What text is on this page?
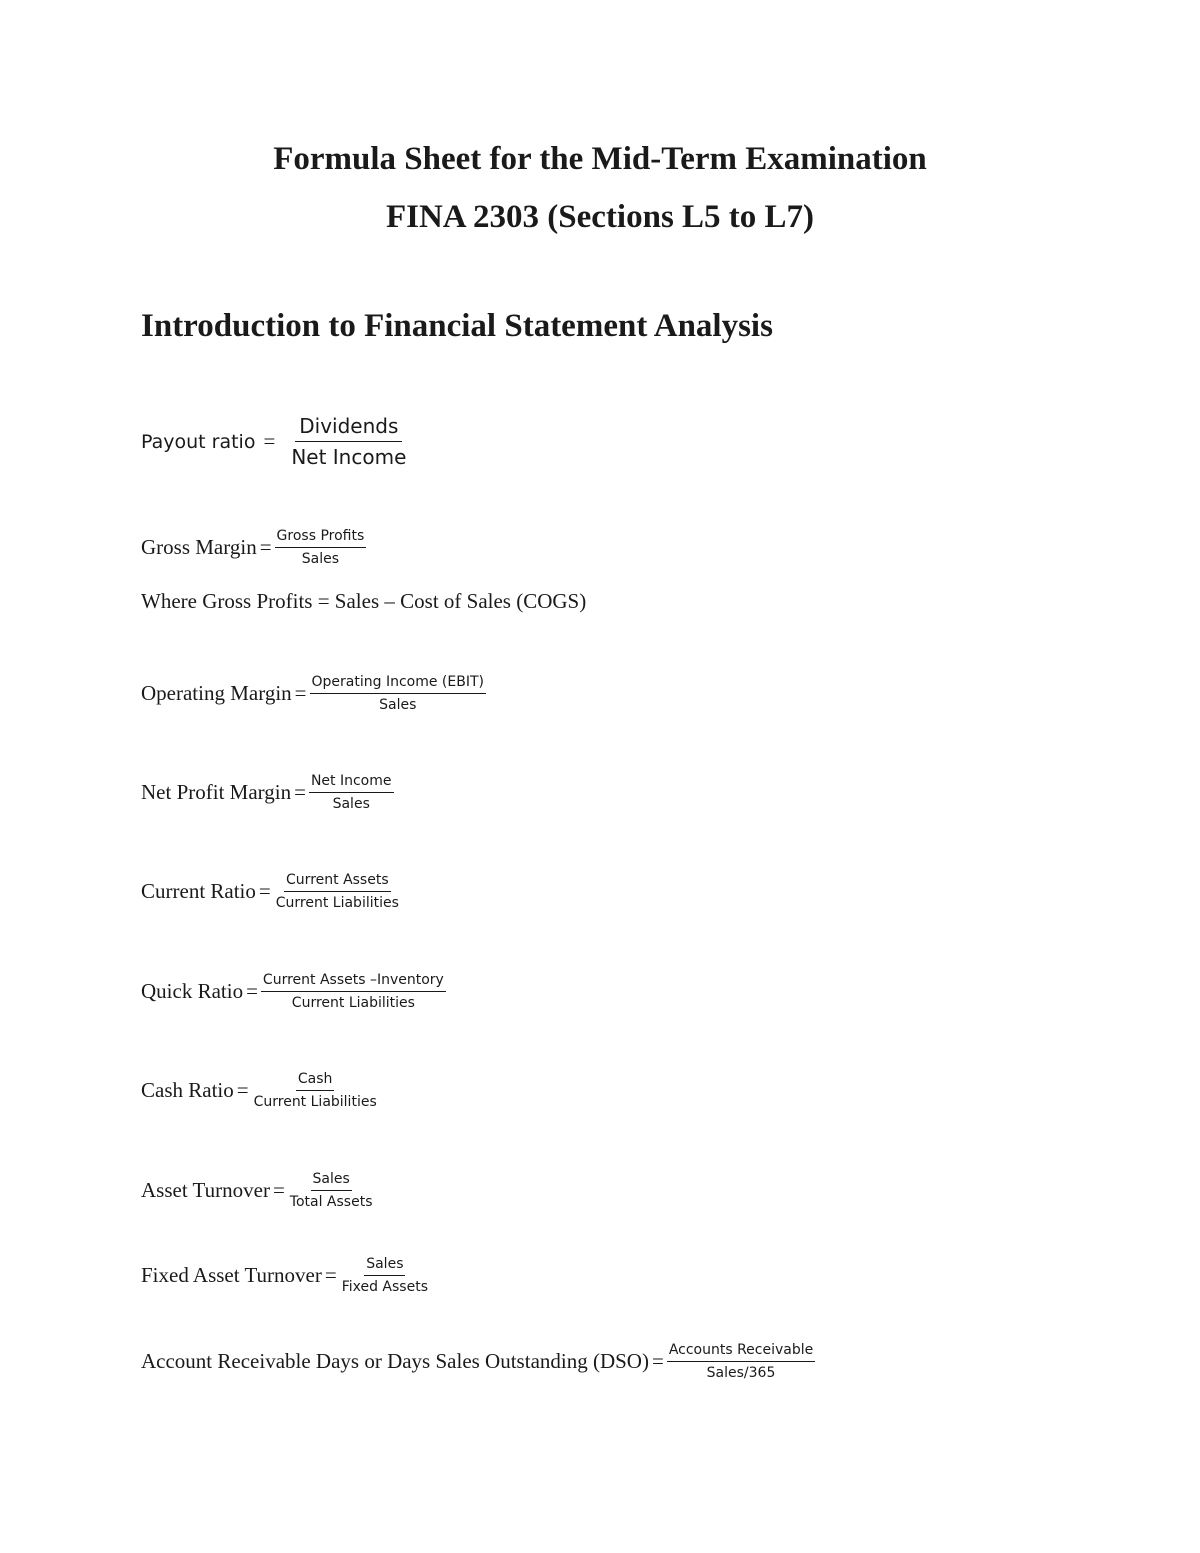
Formula Sheet for the Mid-Term Examination
FINA 2303 (Sections L5 to L7)
Introduction to Financial Statement Analysis
Payout ratio = $\frac{\text{Dividends}}{\text{Net Income}}$
Gross Margin = $\frac{\text{Gross Profits}}{\text{Sales}}$
Where Gross Profits = Sales – Cost of Sales (COGS)
Operating Margin = $\frac{\text{Operating Income (EBIT)}}{\text{Sales}}$
Net Profit Margin = $\frac{\text{Net Income}}{\text{Sales}}$
Current Ratio = $\frac{\text{Current Assets}}{\text{Current Liabilities}}$
Quick Ratio = $\frac{\text{Current Assets –Inventory}}{\text{Current Liabilities}}$
Cash Ratio = $\frac{\text{Cash}}{\text{Current Liabilities}}$
Asset Turnover = $\frac{\text{Sales}}{\text{Total Assets}}$
Fixed Asset Turnover = $\frac{\text{Sales}}{\text{Fixed Assets}}$
Account Receivable Days or Days Sales Outstanding $(DSO) = \frac{\text{Accounts Receivable}}{\text{Sales/365}}$
